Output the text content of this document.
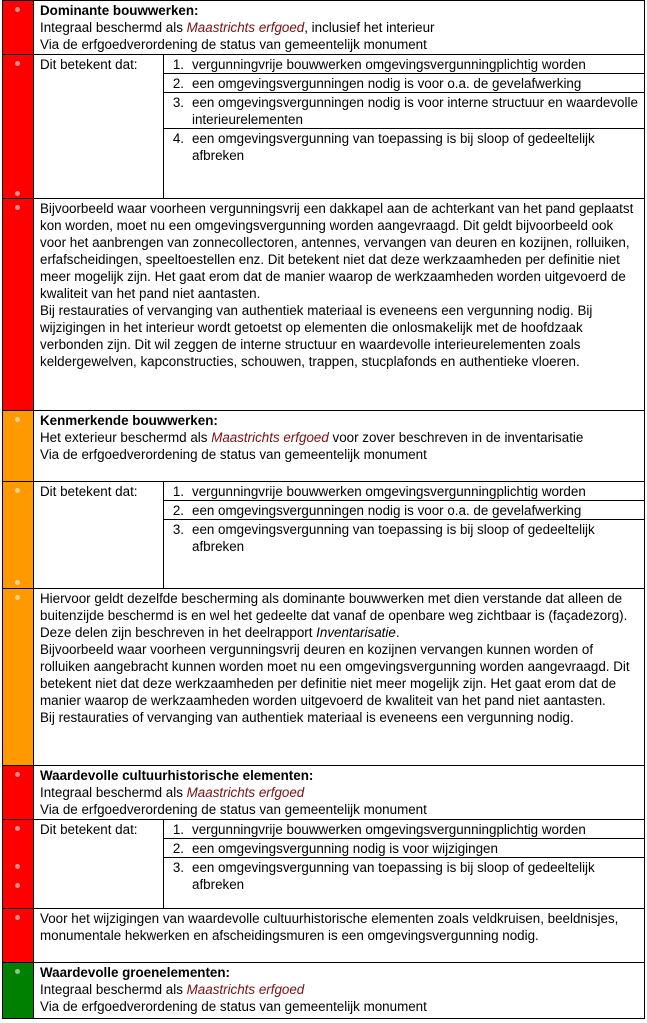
Dominante bouwwerken:
Integraal beschermd als Maastrichts erfgoed, inclusief het interieur
Via de erfgoedverordening de status van gemeentelijk monument
Dit betekent dat:	1. vergunningvrije bouwwerken omgevingsvergunningplichtig worden
2. een omgevingsvergunningen nodig is voor o.a. de gevelafwerking
3. een omgevingsvergunningen nodig is voor interne structuur en waardevolle interieurelementen
4. een omgevingsvergunning van toepassing is bij sloop of gedeeltelijk afbreken
Bijvoorbeeld waar voorheen vergunningsvrij een dakkapel aan de achterkant van het pand geplaatst kon worden, moet nu een omgevingsvergunning worden aangevraagd. Dit geldt bijvoorbeeld ook voor het aanbrengen van zonnecollectoren, antennes, vervangen van deuren en kozijnen, rolluiken, erfafscheidingen, speeltoestellen enz. Dit betekent niet dat deze werkzaamheden per definitie niet meer mogelijk zijn. Het gaat erom dat de manier waarop de werkzaamheden worden uitgevoerd de kwaliteit van het pand niet aantasten.
Bij restauraties of vervanging van authentiek materiaal is eveneens een vergunning nodig. Bij wijzigingen in het interieur wordt getoetst op elementen die onlosmakelijk met de hoofdzaak verbonden zijn. Dit wil zeggen de interne structuur en waardevolle interieurelementen zoals keldergewelven, kapconstructies, schouwen, trappen, stucplafonds en authentieke vloeren.
Kenmerkende bouwwerken:
Het exterieur beschermd als Maastrichts erfgoed voor zover beschreven in de inventarisatie
Via de erfgoedverordening de status van gemeentelijk monument
Dit betekent dat:	1. vergunningvrije bouwwerken omgevingsvergunningplichtig worden
2. een omgevingsvergunningen nodig is voor o.a. de gevelafwerking
3. een omgevingsvergunning van toepassing is bij sloop of gedeeltelijk afbreken
Hiervoor geldt dezelfde bescherming als dominante bouwwerken met dien verstande dat alleen de buitenzijde beschermd is en wel het gedeelte dat vanaf de openbare weg zichtbaar is (façadezorg). Deze delen zijn beschreven in het deelrapport Inventarisatie.
Bijvoorbeeld waar voorheen vergunningsvrij deuren en kozijnen vervangen kunnen worden of rolluiken aangebracht kunnen worden moet nu een omgevingsvergunning worden aangevraagd. Dit betekent niet dat deze werkzaamheden per definitie niet meer mogelijk zijn. Het gaat erom dat de manier waarop de werkzaamheden worden uitgevoerd de kwaliteit van het pand niet aantasten.
Bij restauraties of vervanging van authentiek materiaal is eveneens een vergunning nodig.
Waardevolle cultuurhistorische elementen:
Integraal beschermd als Maastrichts erfgoed
Via de erfgoedverordening de status van gemeentelijk monument
Dit betekent dat:	1. vergunningvrije bouwwerken omgevingsvergunningplichtig worden
2. een omgevingsvergunning nodig is voor wijzigingen
3. een omgevingsvergunning van toepassing is bij sloop of gedeeltelijk afbreken
Voor het wijzigingen van waardevolle cultuurhistorische elementen zoals veldkruisen, beeldnisjes, monumentale hekwerken en afscheidingsmuren is een omgevingsvergunning nodig.
Waardevolle groenelementen:
Integraal beschermd als Maastrichts erfgoed
Via de erfgoedverordening de status van gemeentelijk monument
